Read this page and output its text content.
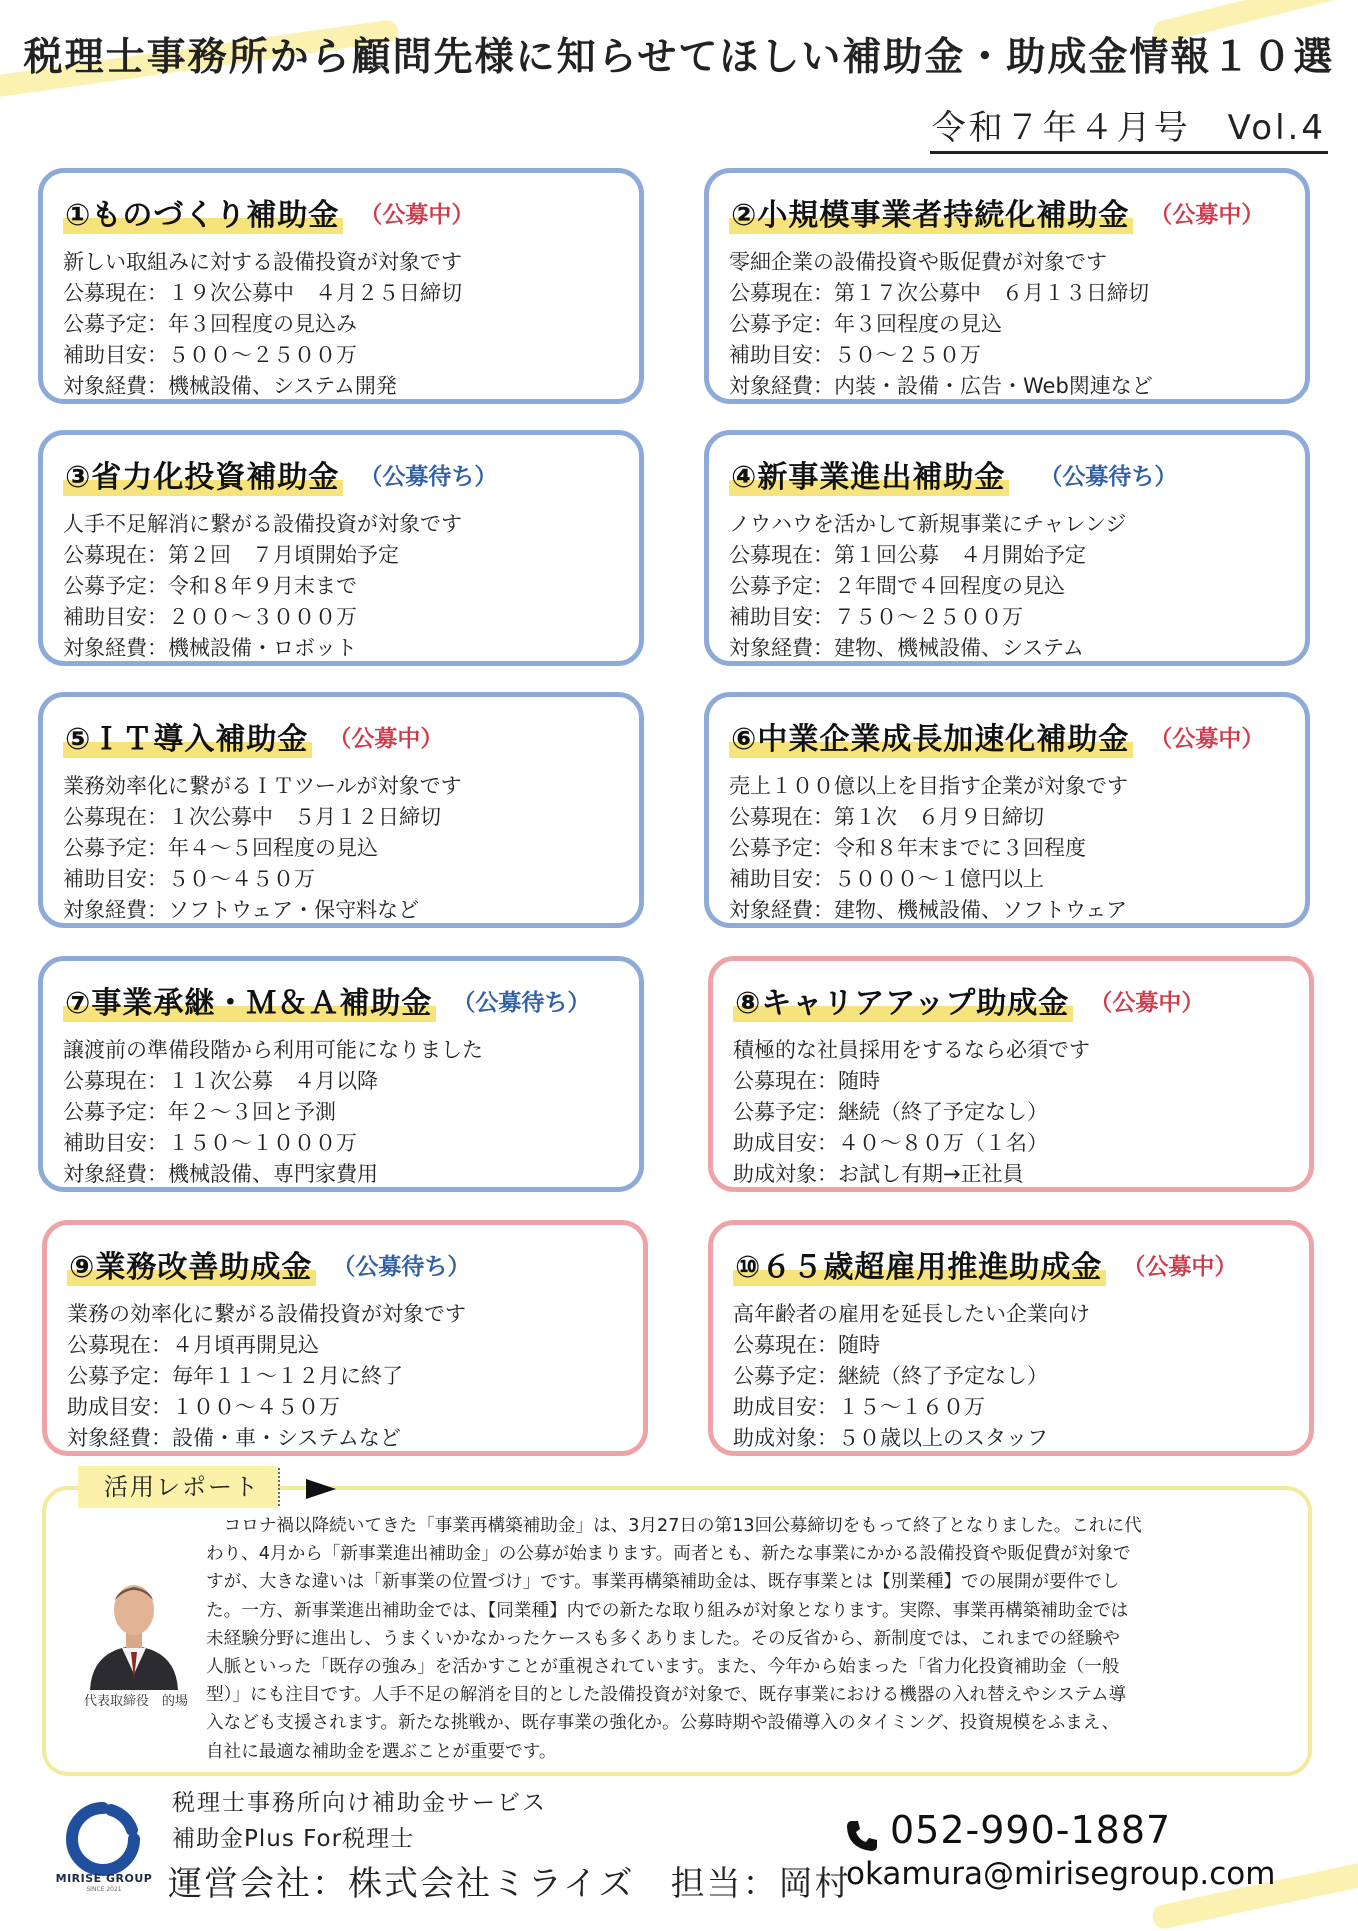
税理士事務所から顧問先様に知らせてほしい補助金・助成金情報１０選
令和７年４月号　Vol.4
①ものづくり補助金 （公募中）
新しい取組みに対する設備投資が対象です
公募現在：１９次公募中　４月２５日締切
公募予定：年３回程度の見込み
補助目安：５００～２５００万
対象経費：機械設備、システム開発
②小規模事業者持続化補助金 （公募中）
零細企業の設備投資や販促費が対象です
公募現在：第１７次公募中　６月１３日締切
公募予定：年３回程度の見込
補助目安：５０～２５０万
対象経費：内装・設備・広告・Web関連など
③省力化投資補助金 （公募待ち）
人手不足解消に繋がる設備投資が対象です
公募現在：第２回　７月頃開始予定
公募予定：令和８年９月末まで
補助目安：２００～３０００万
対象経費：機械設備・ロボット
④新事業進出補助金 （公募待ち）
ノウハウを活かして新規事業にチャレンジ
公募現在：第１回公募　４月開始予定
公募予定：２年間で４回程度の見込
補助目安：７５０～２５００万
対象経費：建物、機械設備、システム
⑤ＩＴ導入補助金 （公募中）
業務効率化に繋がるＩＴツールが対象です
公募現在：１次公募中　５月１２日締切
公募予定：年４～５回程度の見込
補助目安：５０～４５０万
対象経費：ソフトウェア・保守料など
⑥中業企業成長加速化補助金 （公募中）
売上１００億以上を目指す企業が対象です
公募現在：第１次　６月９日締切
公募予定：令和８年末までに３回程度
補助目安：５０００～１億円以上
対象経費：建物、機械設備、ソフトウェア
⑦事業承継・Ｍ＆Ａ補助金 （公募待ち）
譲渡前の準備段階から利用可能になりました
公募現在：１１次公募　４月以降
公募予定：年２～３回と予測
補助目安：１５０～１０００万
対象経費：機械設備、専門家費用
⑧キャリアアップ助成金 （公募中）
積極的な社員採用をするなら必須です
公募現在：随時
公募予定：継続（終了予定なし）
助成目安：４０～８０万（１名）
助成対象：お試し有期→正社員
⑨業務改善助成金 （公募待ち）
業務の効率化に繋がる設備投資が対象です
公募現在：４月頃再開見込
公募予定：毎年１１～１２月に終了
助成目安：１００～４５０万
対象経費：設備・車・システムなど
⑩６５歳超雇用推進助成金 （公募中）
高年齢者の雇用を延長したい企業向け
公募現在：随時
公募予定：継続（終了予定なし）
助成目安：１５～１６０万
助成対象：５０歳以上のスタッフ
活用レポート
代表取締役　的場
　コロナ禍以降続いてきた「事業再構築補助金」は、3月27日の第13回公募締切をもって終了となりました。これに代
わり、4月から「新事業進出補助金」の公募が始まります。両者とも、新たな事業にかかる設備投資や販促費が対象で
すが、大きな違いは「新事業の位置づけ」です。事業再構築補助金は、既存事業とは【別業種】での展開が要件でし
た。一方、新事業進出補助金では、【同業種】内での新たな取り組みが対象となります。実際、事業再構築補助金では
未経験分野に進出し、うまくいかなかったケースも多くありました。その反省から、新制度では、これまでの経験や
人脈といった「既存の強み」を活かすことが重視されています。また、今年から始まった「省力化投資補助金（一般
型）」にも注目です。人手不足の解消を目的とした設備投資が対象で、既存事業における機器の入れ替えやシステム導
入なども支援されます。新たな挑戦か、既存事業の強化か。公募時期や設備導入のタイミング、投資規模をふまえ、
自社に最適な補助金を選ぶことが重要です。
MIRISE GROUP
SINCE 2021
税理士事務所向け補助金サービス
補助金Plus For税理士
運営会社：株式会社ミライズ　担当：岡村
052-990-1887
okamura@mirisegroup.com
